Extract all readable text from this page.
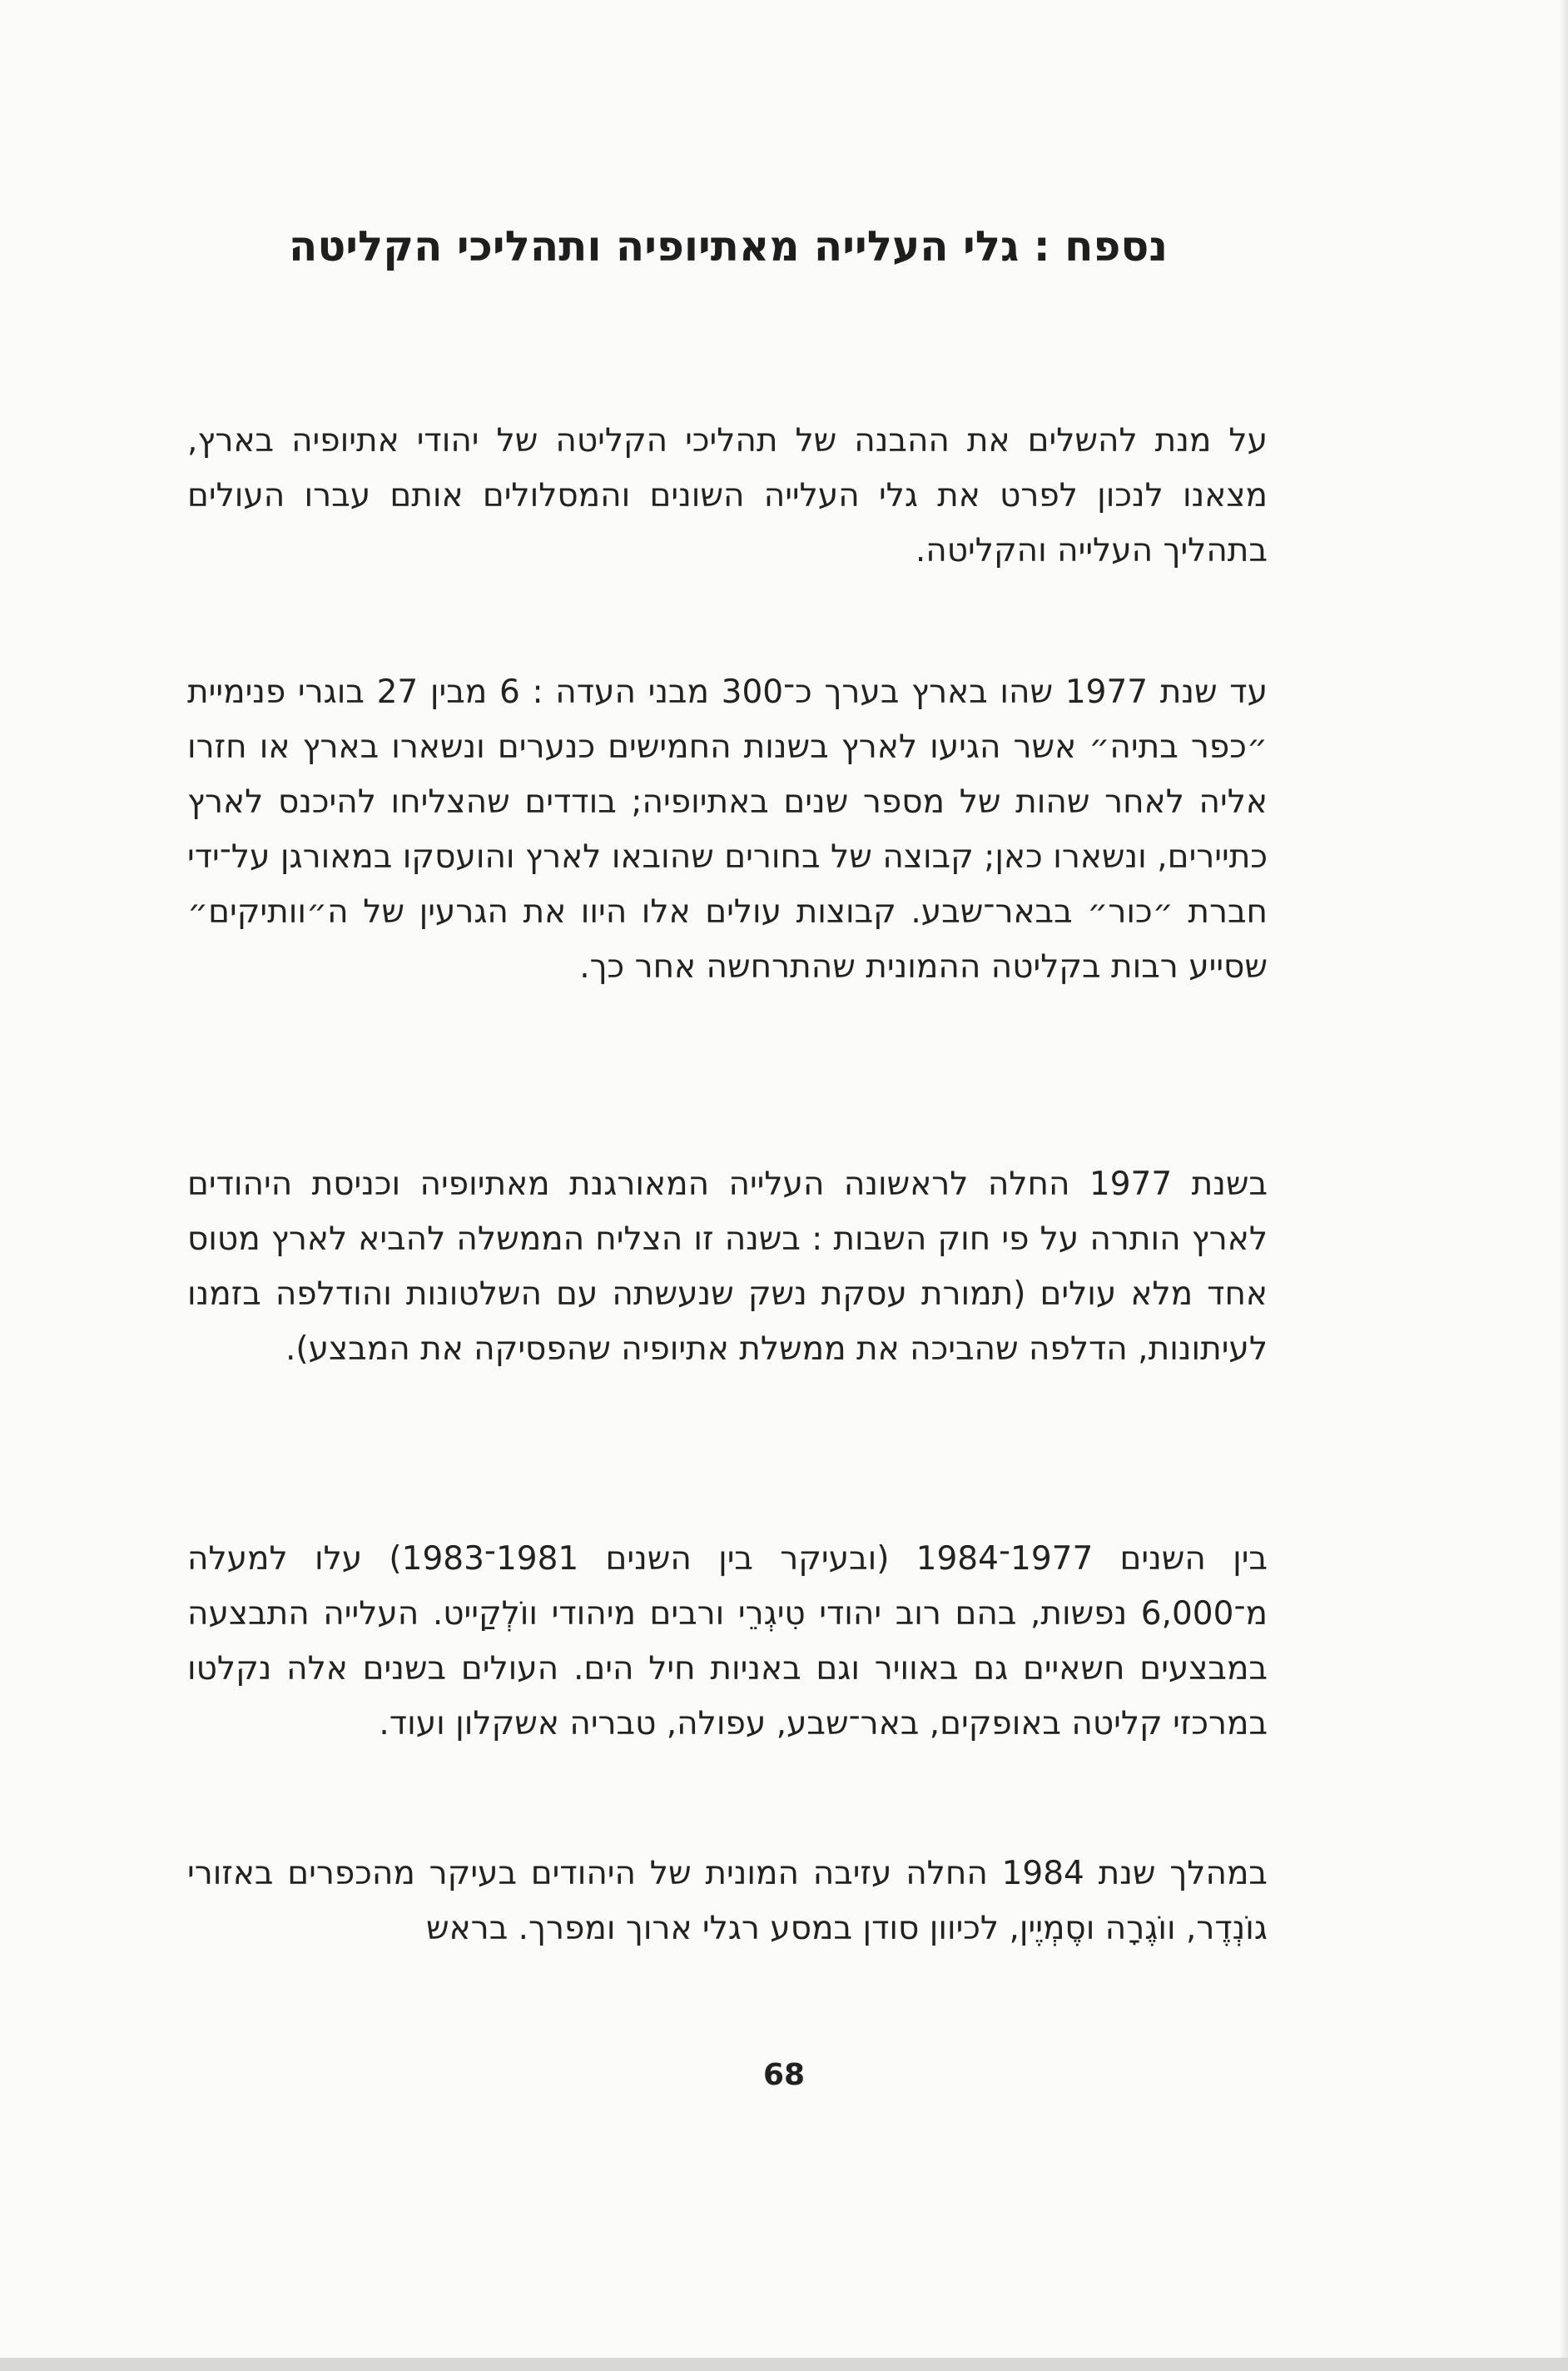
נספח : גלי העלייה מאתיופיה ותהליכי הקליטה

על מנת להשלים את ההבנה של תהליכי הקליטה של יהודי אתיופיה בארץ, מצאנו לנכון לפרט את גלי העלייה השונים והמסלולים אותם עברו העולים בתהליך העלייה והקליטה.

עד שנת 1977 שהו בארץ בערך כ־300 מבני העדה : 6 מבין 27 בוגרי פנימיית ״כפר בתיה״ אשר הגיעו לארץ בשנות החמישים כנערים ונשארו בארץ או חזרו אליה לאחר שהות של מספר שנים באתיופיה; בודדים שהצליחו להיכנס לארץ כתיירים, ונשארו כאן; קבוצה של בחורים שהובאו לארץ והועסקו במאורגן על־ידי חברת ״כור״ בבאר־שבע. קבוצות עולים אלו היוו את הגרעין של ה״וותיקים״ שסייע רבות בקליטה ההמונית שהתרחשה אחר כך.

בשנת 1977 החלה לראשונה העלייה המאורגנת מאתיופיה וכניסת היהודים לארץ הותרה על פי חוק השבות : בשנה זו הצליח הממשלה להביא לארץ מטוס אחד מלא עולים (תמורת עסקת נשק שנעשתה עם השלטונות והודלפה בזמנו לעיתונות, הדלפה שהביכה את ממשלת אתיופיה שהפסיקה את המבצע).

בין השנים 1977־1984 (ובעיקר בין השנים 1981־1983) עלו למעלה מ־6,000 נפשות, בהם רוב יהודי טִיגְרֵי ורבים מיהודי ווֹלְקַייט. העלייה התבצעה במבצעים חשאיים גם באוויר וגם באניות חיל הים. העולים בשנים אלה נקלטו במרכזי קליטה באופקים, באר־שבע, עפולה, טבריה אשקלון ועוד.

במהלך שנת 1984 החלה עזיבה המונית של היהודים בעיקר מהכפרים באזורי גוֹנְדֶר, ווֹגֶרָה וסֶמְיֶין, לכיוון סודן במסע רגלי ארוך ומפרך. בראש

68
